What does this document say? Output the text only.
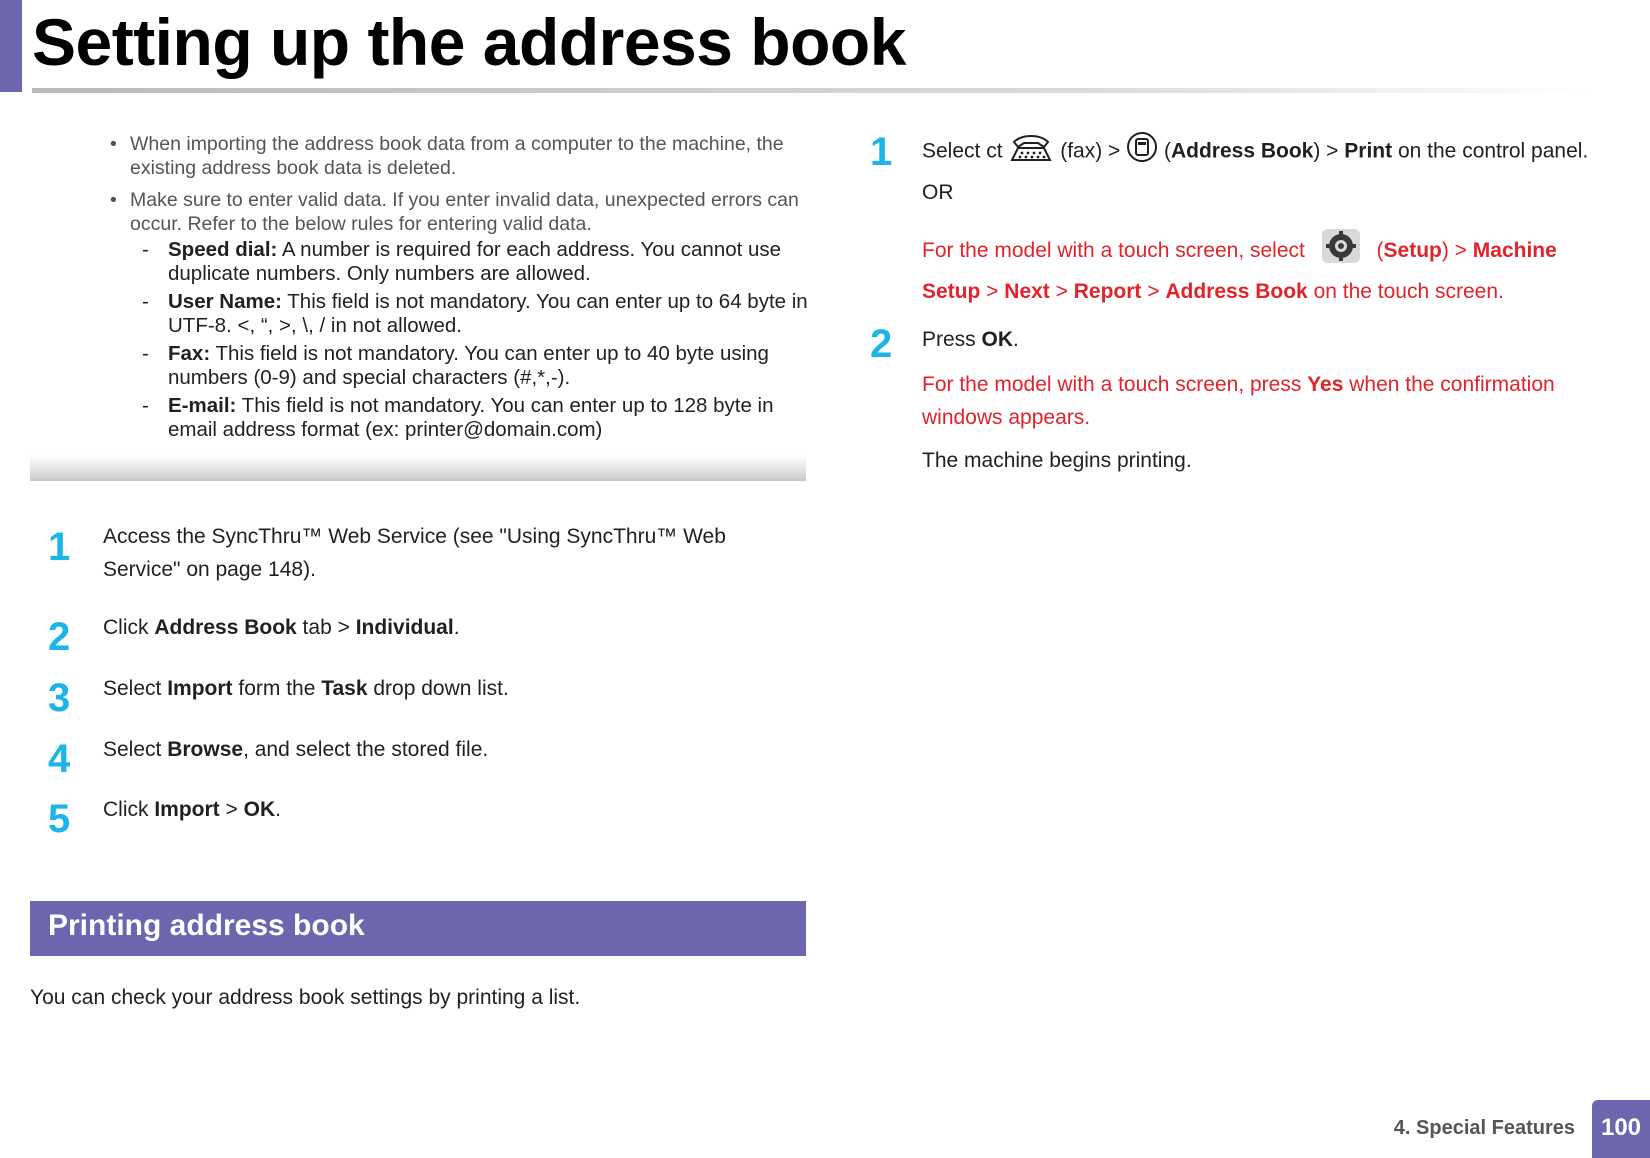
Setting up the address book
• When importing the address book data from a computer to the machine, the existing address book data is deleted.
• Make sure to enter valid data. If you enter invalid data, unexpected errors can occur. Refer to the below rules for entering valid data.
- Speed dial: A number is required for each address. You cannot use duplicate numbers. Only numbers are allowed.
- User Name: This field is not mandatory. You can enter up to 64 byte in UTF-8. <, “, >, \, / in not allowed.
- Fax: This field is not mandatory. You can enter up to 40 byte using numbers (0-9) and special characters (#,*,-).
- E-mail: This field is not mandatory. You can enter up to 128 byte in email address format (ex: printer@domain.com)
1 Access the SyncThru™ Web Service (see "Using SyncThru™ Web Service" on page 148).
2 Click Address Book tab > Individual.
3 Select Import form the Task drop down list.
4 Select Browse, and select the stored file.
5 Click Import > OK.
Printing address book
You can check your address book settings by printing a list.
1 Select ct  (fax) >  (Address Book) > Print on the control panel.
OR
For the model with a touch screen, select	(Setup) > Machine Setup > Next > Report > Address Book on the touch screen.
2 Press OK.
For the model with a touch screen, press Yes when the confirmation windows appears.
The machine begins printing.
4. Special Features	100
